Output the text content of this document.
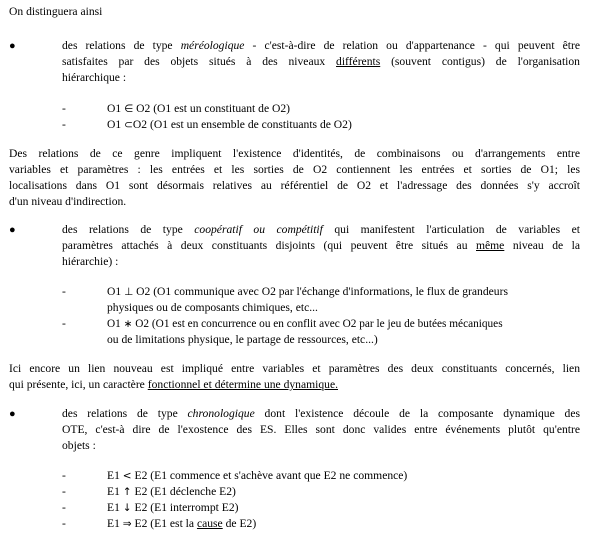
On distinguera ainsi
●	des relations de type méréologique - c'est-à-dire de relation ou d'appartenance - qui peuvent être
satisfaites par des objets situés à des niveaux différents (souvent contigus) de l'organisation
hiérarchique :
-	O1 ∈ O2 (O1 est un constituant de O2)
-	O1 ⊂O2 (O1 est un ensemble de constituants de O2)
Des relations de ce genre impliquent l'existence d'identités, de combinaisons ou d'arrangements entre
variables et paramètres : les entrées et les sorties de O2 contiennent les entrées et sorties de O1; les
localisations dans O1 sont désormais relatives au référentiel de O2 et l'adressage des données s'y accroît
d'un niveau d'indirection.
●	des relations de type coopératif ou compétitif qui manifestent l'articulation de variables et
paramètres attachés à deux constituants disjoints (qui peuvent être situés au même niveau de la
hiérarchie) :
-	O1 ⊥ O2 (O1 communique avec O2 par l'échange d'informations, le flux de grandeurs
physiques ou de composants chimiques, etc...
-	O1 ∗ O2 (O1 est en concurrence ou en conflit avec O2 par le jeu de butées mécaniques
ou de limitations physique, le partage de ressources, etc...)
Ici encore un lien nouveau est impliqué entre variables et paramètres des deux constituants concernés, lien
qui présente, ici, un caractère fonctionnel et détermine une dynamique.
●	des relations de type chronologique dont l'existence découle de la composante dynamique des
OTE, c'est-à dire de l'exostence des ES. Elles sont donc valides entre événements plutôt qu'entre
objets :
-	E1 < E2 (E1 commence et s'achève avant que E2 ne commence)
-	E1 ↑ E2 (E1 déclenche E2)
-	E1 ↓ E2 (E1 interrompt E2)
-	E1 ⇒ E2 (E1 est la cause de E2)
